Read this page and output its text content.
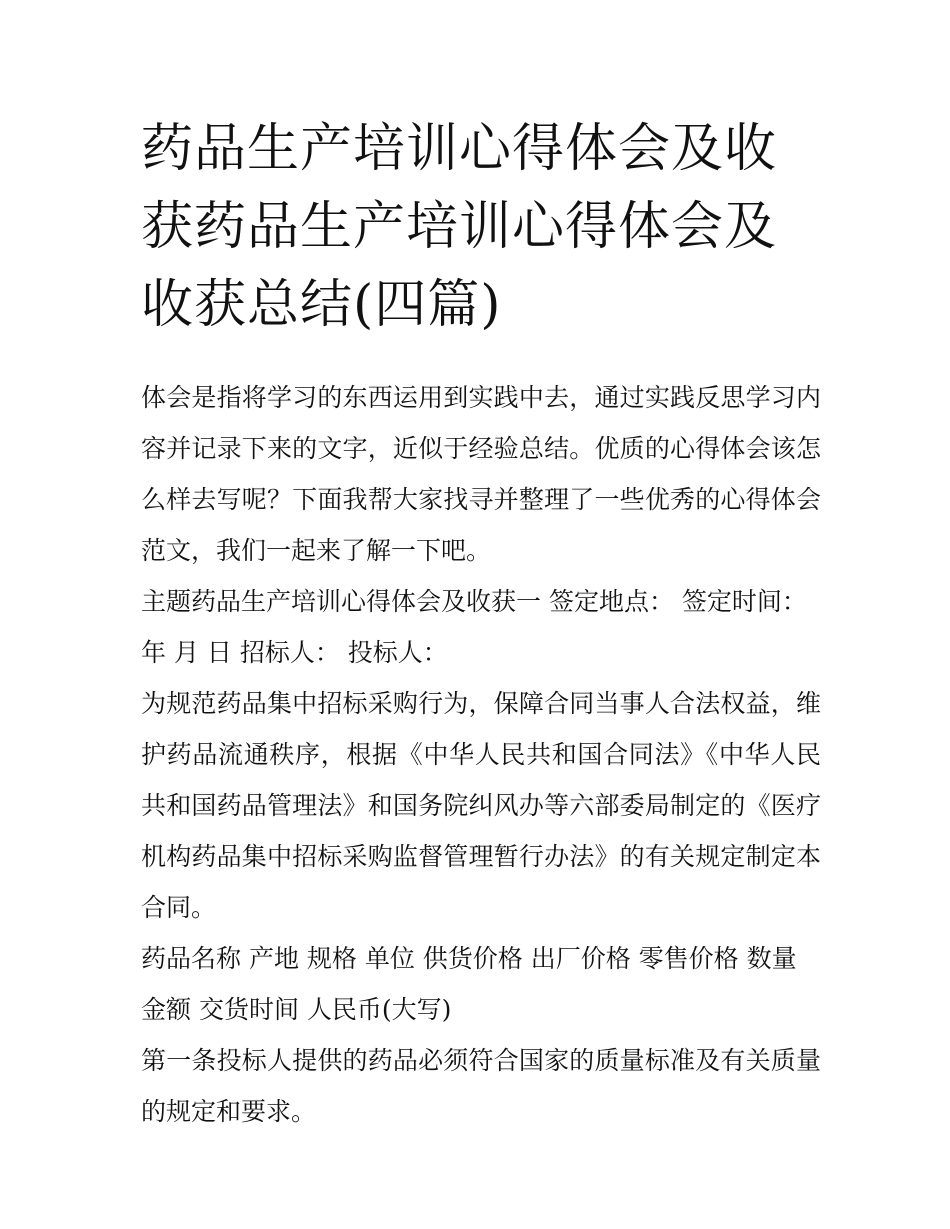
药品生产培训心得体会及收获药品生产培训心得体会及收获总结(四篇)

体会是指将学习的东西运用到实践中去，通过实践反思学习内容并记录下来的文字，近似于经验总结。优质的心得体会该怎么样去写呢？下面我帮大家找寻并整理了一些优秀的心得体会范文，我们一起来了解一下吧。

主题药品生产培训心得体会及收获一 签定地点： 签定时间：

年 月 日 招标人： 投标人：

为规范药品集中招标采购行为，保障合同当事人合法权益，维护药品流通秩序，根据《中华人民共和国合同法》《中华人民共和国药品管理法》和国务院纠风办等六部委局制定的《医疗机构药品集中招标采购监督管理暂行办法》的有关规定制定本合同。

药品名称 产地 规格 单位 供货价格 出厂价格 零售价格 数量

金额 交货时间 人民币(大写)

第一条投标人提供的药品必须符合国家的质量标准及有关质量的规定和要求。
